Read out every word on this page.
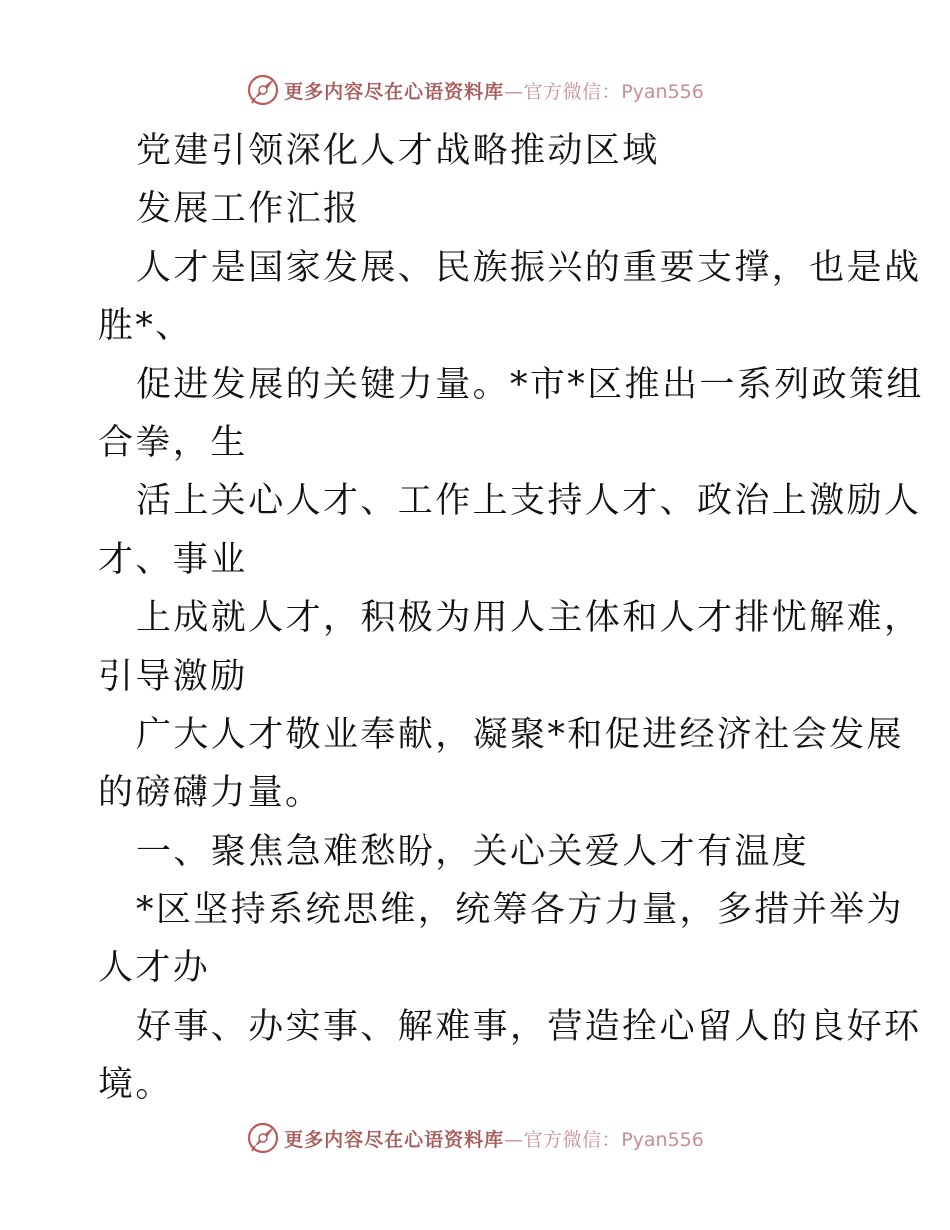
更多内容尽在心语资料库—官方微信：Pyan556
党建引领深化人才战略推动区域
发展工作汇报
人才是国家发展、民族振兴的重要支撑，也是战
胜*、
促进发展的关键力量。*市*区推出一系列政策组
合拳，生
活上关心人才、工作上支持人才、政治上激励人
才、事业
上成就人才，积极为用人主体和人才排忧解难，
引导激励
广大人才敬业奉献，凝聚*和促进经济社会发展
的磅礴力量。
一、聚焦急难愁盼，关心关爱人才有温度
*区坚持系统思维，统筹各方力量，多措并举为
人才办
好事、办实事、解难事，营造拴心留人的良好环
境。
更多内容尽在心语资料库—官方微信：Pyan556
